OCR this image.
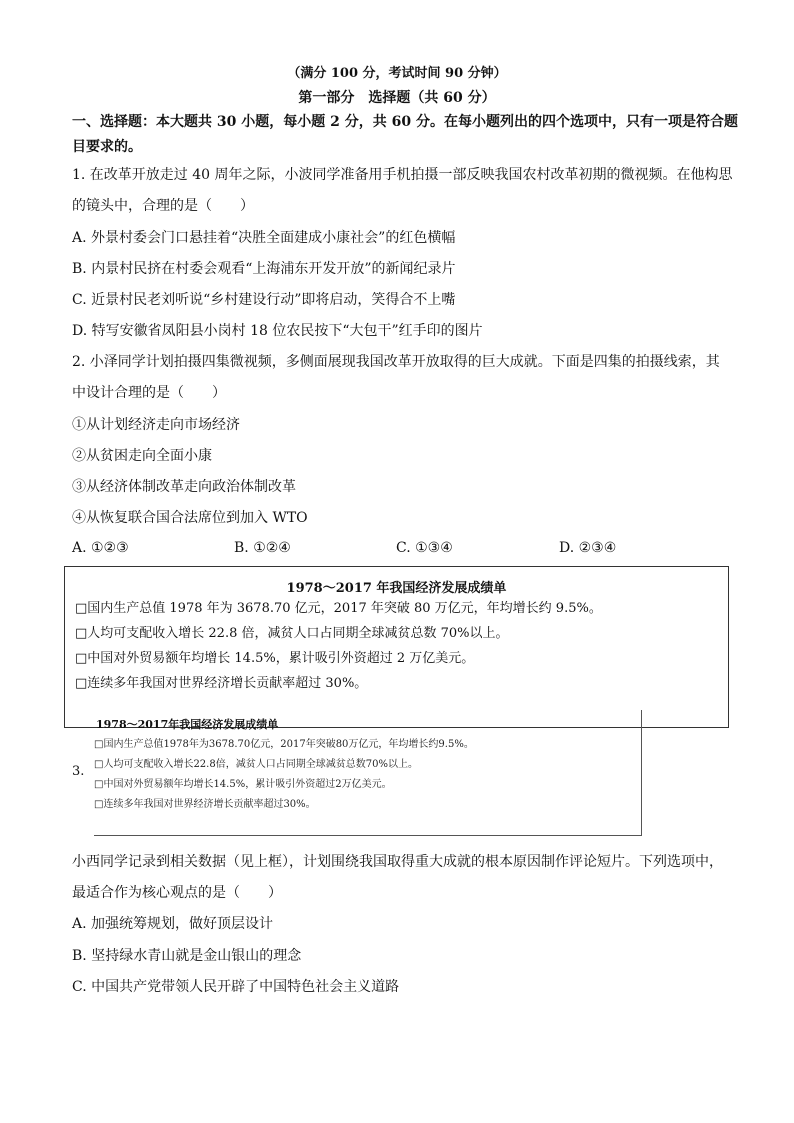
（满分 100 分，考试时间 90 分钟）
第一部分　选择题（共 60 分）
一、选择题：本大题共 30 小题，每小题 2 分，共 60 分。在每小题列出的四个选项中，只有一项是符合题
目要求的。
1. 在改革开放走过 40 周年之际，小波同学准备用手机拍摄一部反映我国农村改革初期的微视频。在他构思
的镜头中，合理的是（　　）
A. 外景村委会门口悬挂着“决胜全面建成小康社会”的红色横幅
B. 内景村民挤在村委会观看“上海浦东开发开放”的新闻纪录片
C. 近景村民老刘听说“乡村建设行动”即将启动，笑得合不上嘴
D. 特写安徽省凤阳县小岗村 18 位农民按下“大包干”红手印的图片
2. 小泽同学计划拍摄四集微视频，多侧面展现我国改革开放取得的巨大成就。下面是四集的拍摄线索，其
中设计合理的是（　　）
①从计划经济走向市场经济
②从贫困走向全面小康
③从经济体制改革走向政治体制改革
④从恢复联合国合法席位到加入 WTO
A. ①②③	B. ①②④	C. ①③④	D. ②③④
1978～2017 年我国经济发展成绩单
□国内生产总值 1978 年为 3678.70 亿元，2017 年突破 80 万亿元，年均增长约 9.5%。
□人均可支配收入增长 22.8 倍，减贫人口占同期全球减贫总数 70%以上。
□中国对外贸易额年均增长 14.5%，累计吸引外资超过 2 万亿美元。
□连续多年我国对世界经济增长贡献率超过 30%。
3.
1978～2017年我国经济发展成绩单
□国内生产总值1978年为3678.70亿元，2017年突破80万亿元，年均增长约9.5%。
□人均可支配收入增长22.8倍，减贫人口占同期全球减贫总数70%以上。
□中国对外贸易额年均增长14.5%，累计吸引外资超过2万亿美元。
□连续多年我国对世界经济增长贡献率超过30%。
小西同学记录到相关数据（见上框），计划围绕我国取得重大成就的根本原因制作评论短片。下列选项中，
最适合作为核心观点的是（　　）
A. 加强统筹规划，做好顶层设计
B. 坚持绿水青山就是金山银山的理念
C. 中国共产党带领人民开辟了中国特色社会主义道路
